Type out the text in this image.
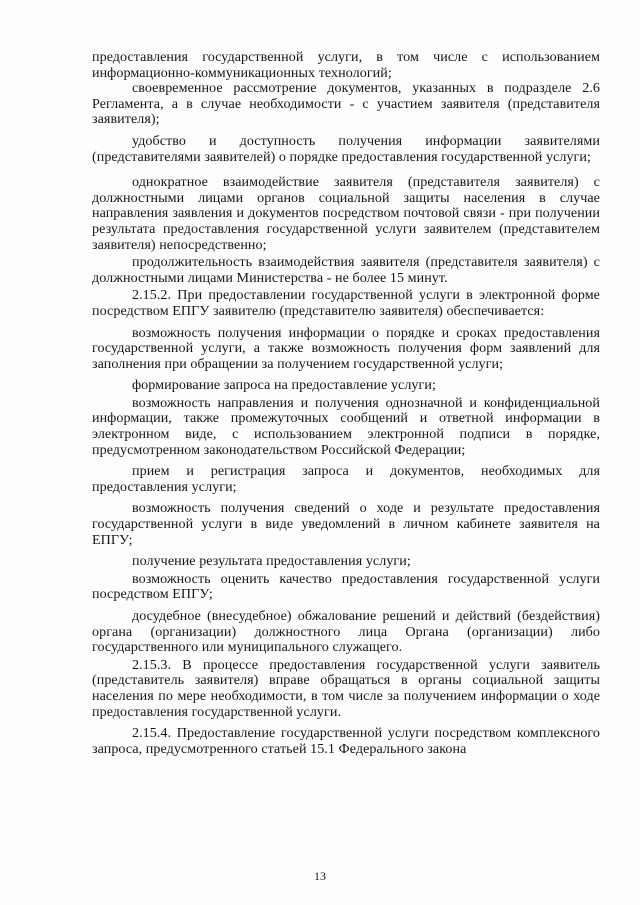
предоставления государственной услуги, в том числе с использованием информационно-коммуникационных технологий;

своевременное рассмотрение документов, указанных в подразделе 2.6 Регламента, а в случае необходимости - с участием заявителя (представителя заявителя);

удобство и доступность получения информации заявителями (представителями заявителей) о порядке предоставления государственной услуги;

однократное взаимодействие заявителя (представителя заявителя) с должностными лицами органов социальной защиты населения в случае направления заявления и документов посредством почтовой связи - при получении результата предоставления государственной услуги заявителем (представителем заявителя) непосредственно;

продолжительность взаимодействия заявителя (представителя заявителя) с должностными лицами Министерства - не более 15 минут.

2.15.2. При предоставлении государственной услуги в электронной форме посредством ЕПГУ заявителю (представителю заявителя) обеспечивается:

возможность получения информации о порядке и сроках предоставления государственной услуги, а также возможность получения форм заявлений для заполнения при обращении за получением государственной услуги;

формирование запроса на предоставление услуги;

возможность направления и получения однозначной и конфиденциальной информации, также промежуточных сообщений и ответной информации в электронном виде, с использованием электронной подписи в порядке, предусмотренном законодательством Российской Федерации;

прием и регистрация запроса и документов, необходимых для предоставления услуги;

возможность получения сведений о ходе и результате предоставления государственной услуги в виде уведомлений в личном кабинете заявителя на ЕПГУ;

получение результата предоставления услуги;

возможность оценить качество предоставления государственной услуги посредством ЕПГУ;

досудебное (внесудебное) обжалование решений и действий (бездействия) органа (организации) должностного лица Органа (организации) либо государственного или муниципального служащего.

2.15.3. В процессе предоставления государственной услуги заявитель (представитель заявителя) вправе обращаться в органы социальной защиты населения по мере необходимости, в том числе за получением информации о ходе предоставления государственной услуги.

2.15.4. Предоставление государственной услуги посредством комплексного запроса, предусмотренного статьей 15.1 Федерального закона

13
